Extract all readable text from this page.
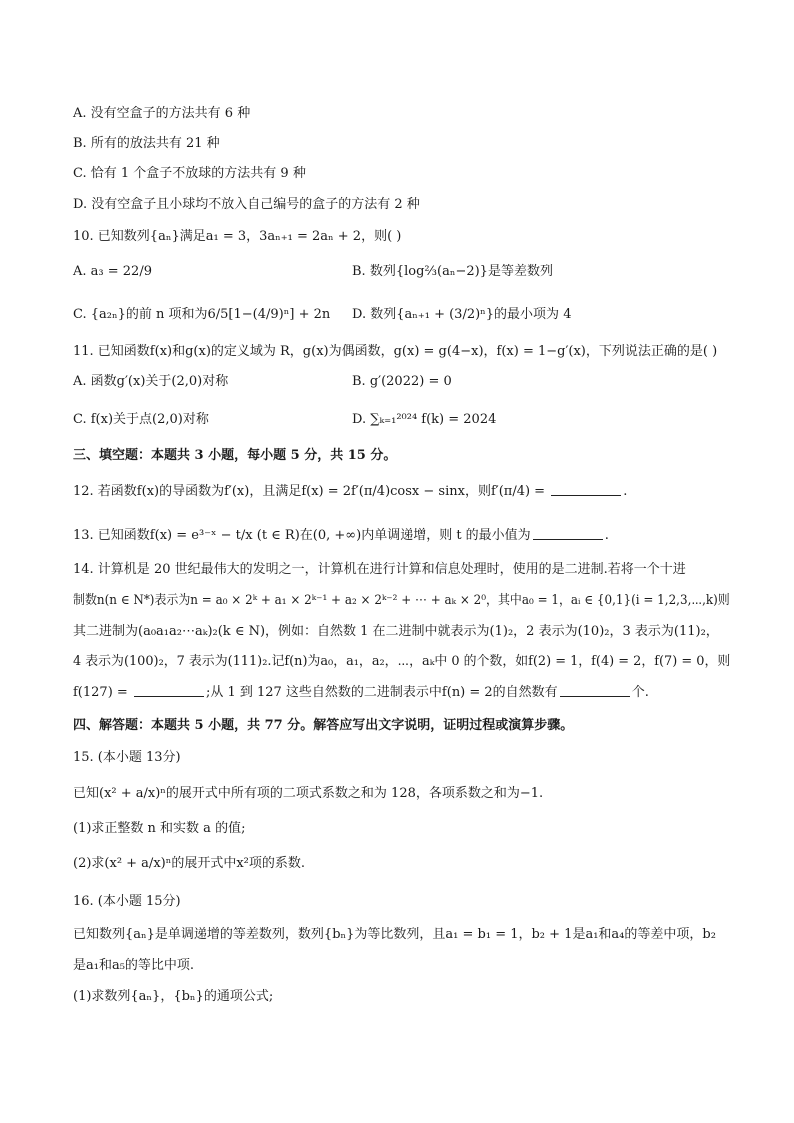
A. 没有空盒子的方法共有 6 种
B. 所有的放法共有 21 种
C. 恰有 1 个盒子不放球的方法共有 9 种
D. 没有空盒子且小球均不放入自己编号的盒子的方法有 2 种
10. 已知数列{aₙ}满足a₁ = 3，3aₙ₊₁ = 2aₙ + 2，则( )
A. a₃ = 22/9	B. 数列{log⅔(aₙ−2)}是等差数列
C. {a₂ₙ}的前 n 项和为6/5[1−(4/9)ⁿ] + 2n D. 数列{aₙ₊₁ + (3/2)ⁿ}的最小项为 4
11. 已知函数f(x)和g(x)的定义域为 R，g(x)为偶函数，g(x) = g(4−x)，f(x) = 1−g′(x)，下列说法正确的是( )
A. 函数g′(x)关于(2,0)对称	B. g′(2022) = 0
C. f(x)关于点(2,0)对称	D. ∑ₖ₌₁²⁰²⁴ f(k) = 2024
三、填空题：本题共 3 小题，每小题 5 分，共 15 分。
12. 若函数f(x)的导函数为f′(x)，且满足f(x) = 2f′(π/4)cosx − sinx，则f′(π/4) =	.
13. 已知函数f(x) = e³⁻ˣ − t/x (t ∈ R)在(0, +∞)内单调递增，则 t 的最小值为	.
14. 计算机是 20 世纪最伟大的发明之一，计算机在进行计算和信息处理时，使用的是二进制.若将一个十进
制数n(n ∈ N*)表示为n = a₀ × 2ᵏ + a₁ × 2ᵏ⁻¹ + a₂ × 2ᵏ⁻² + ⋯ + aₖ × 2⁰，其中a₀ = 1，aᵢ ∈ {0,1}(i = 1,2,3,⋯,k)则
其二进制为(a₀a₁a₂⋯aₖ)₂(k ∈ N)，例如：自然数 1 在二进制中就表示为(1)₂，2 表示为(10)₂，3 表示为(11)₂，
4 表示为(100)₂，7 表示为(111)₂.记f(n)为a₀，a₁，a₂，⋯，aₖ中 0 的个数，如f(2) = 1，f(4) = 2，f(7) = 0，则
f(127) =	;从 1 到 127 这些自然数的二进制表示中f(n) = 2的自然数有	个.
四、解答题：本题共 5 小题，共 77 分。解答应写出文字说明，证明过程或演算步骤。
15. (本小题 13分)
已知(x² + a/x)ⁿ的展开式中所有项的二项式系数之和为 128，各项系数之和为−1.
(1)求正整数 n 和实数 a 的值;
(2)求(x² + a/x)ⁿ的展开式中x²项的系数.
16. (本小题 15分)
已知数列{aₙ}是单调递增的等差数列，数列{bₙ}为等比数列，且a₁ = b₁ = 1，b₂ + 1是a₁和a₄的等差中项，b₂
是a₁和a₅的等比中项.
(1)求数列{aₙ}，{bₙ}的通项公式;
